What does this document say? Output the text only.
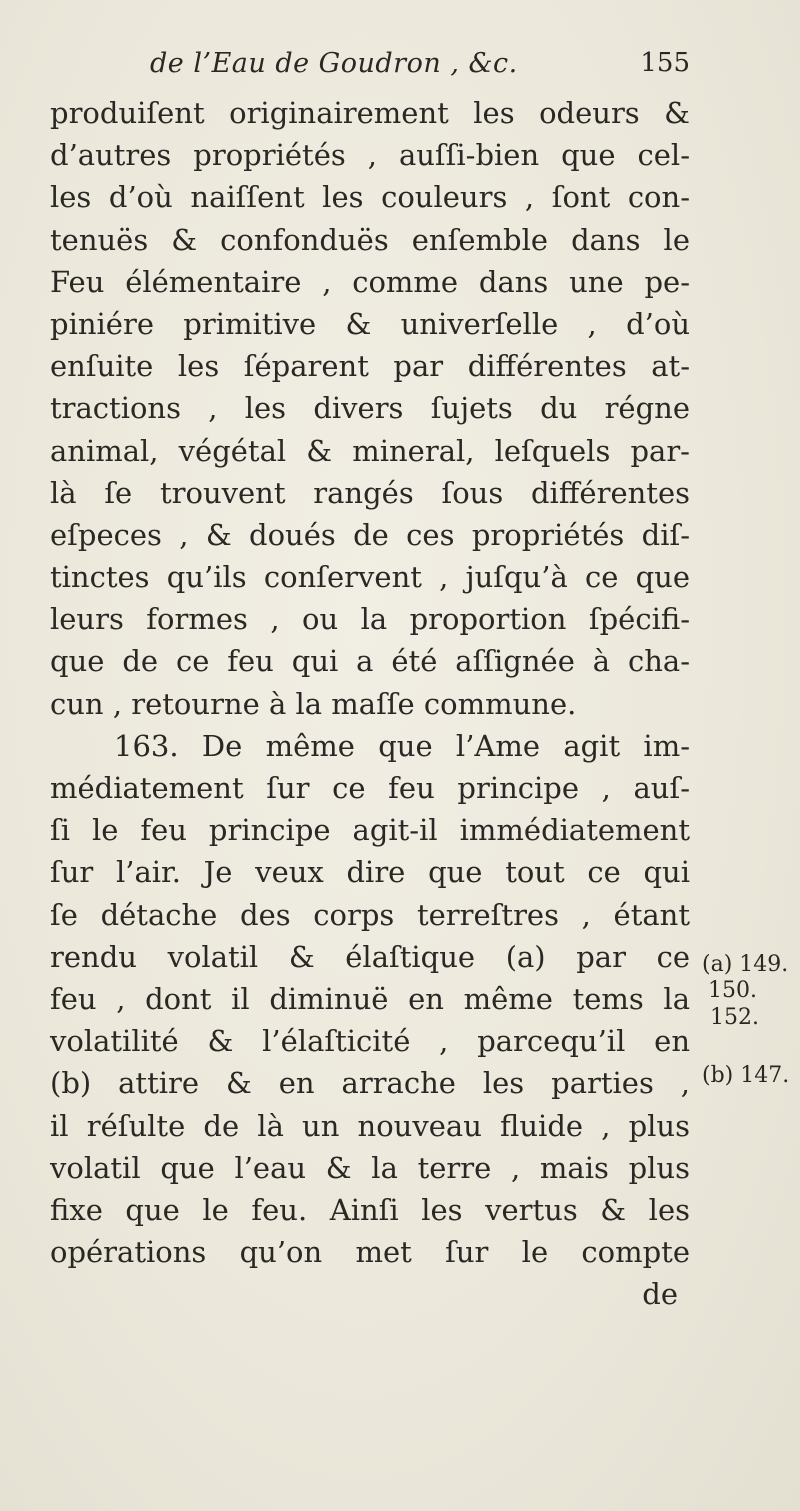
de l’Eau de Goudron , &c.	155
produiſent originairement les odeurs &
d’autres propriétés , auſſi-bien que cel-
les d’où naiſſent les couleurs , ſont con-
tenuës & confonduës enſemble dans le
Feu élémentaire , comme dans une pe-
piniére primitive & univerſelle , d’où
enſuite les ſéparent par différentes at-
tractions , les divers ſujets du régne
animal, végétal & mineral, leſquels par-
là ſe trouvent rangés ſous différentes
eſpeces , & doués de ces propriétés diſ-
tinctes qu’ils conſervent , juſqu’à ce que
leurs formes , ou la proportion ſpécifi-
que de ce feu qui a été aſſignée à cha-
cun , retourne à la maſſe commune.
163. De même que l’Ame agit im-
médiatement ſur ce feu principe , auſ-
ſi le feu principe agit-il immédiatement
ſur l’air. Je veux dire que tout ce qui
ſe détache des corps terreſtres , étant
rendu volatil & élaſtique (a) par ce
feu , dont il diminuë en même tems la
volatilité & l’élaſticité , parcequ’il en
(b) attire & en arrache les parties ,
il réſulte de là un nouveau fluide , plus
volatil que l’eau & la terre , mais plus
fixe que le feu. Ainſi les vertus & les
opérations qu’on met ſur le compte
de
(a) 149.
150.
152.
(b) 147.
